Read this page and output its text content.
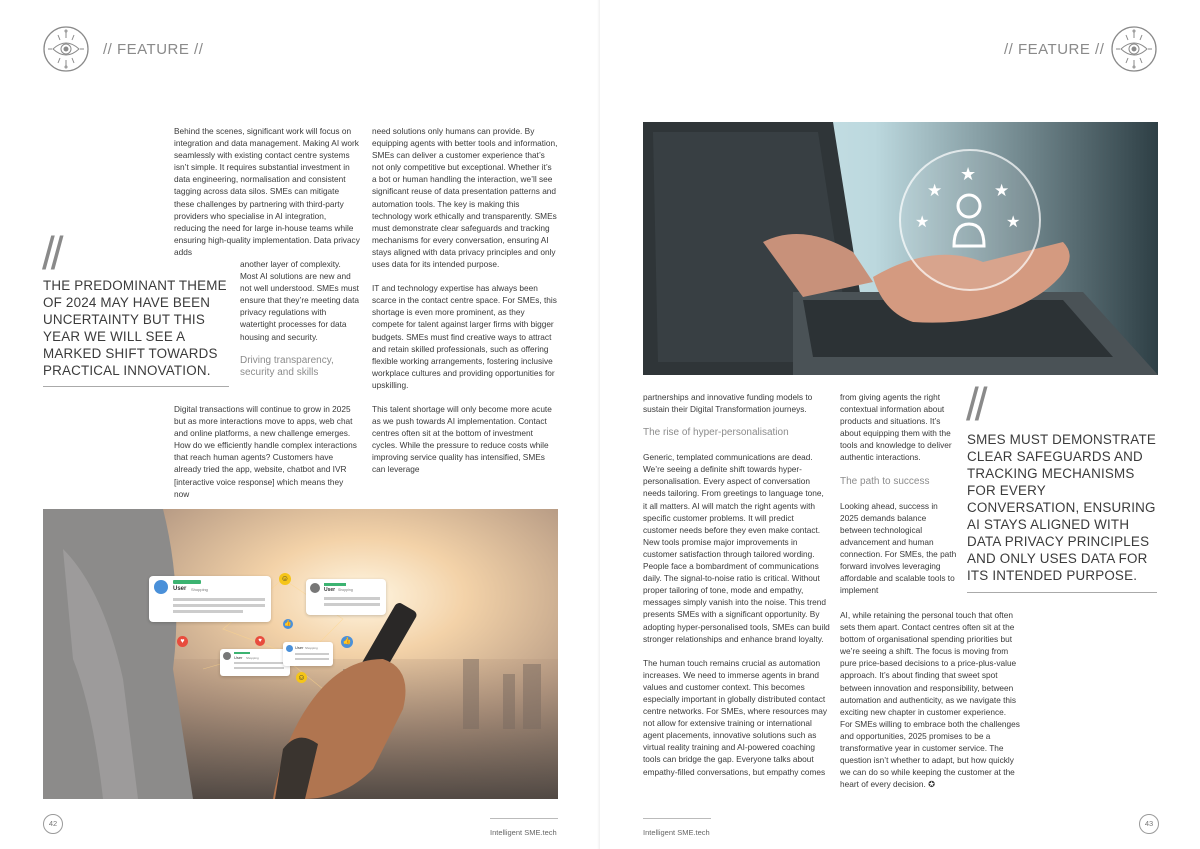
// FEATURE //

Behind the scenes, significant work will focus on integration and data management. Making AI work seamlessly with existing contact centre systems isn’t simple. It requires substantial investment in data engineering, normalisation and consistent tagging across data silos. SMEs can mitigate these challenges by partnering with third-party providers who specialise in AI integration, reducing the need for large in-house teams while ensuring high-quality implementation. Data privacy adds

another layer of complexity. Most AI solutions are new and not well understood. SMEs must ensure that they’re meeting data privacy regulations with watertight processes for data housing and security.

Driving transparency, security and skills

Digital transactions will continue to grow in 2025 but as more interactions move to apps, web chat and online platforms, a new challenge emerges. How do we efficiently handle complex interactions that reach human agents? Customers have already tried the app, website, chatbot and IVR [interactive voice response] which means they now

need solutions only humans can provide. By equipping agents with better tools and information, SMEs can deliver a customer experience that’s not only competitive but exceptional. Whether it’s a bot or human handling the interaction, we’ll see significant reuse of data presentation patterns and automation tools. The key is making this technology work ethically and transparently. SMEs must demonstrate clear safeguards and tracking mechanisms for every conversation, ensuring AI stays aligned with data privacy principles and only uses data for its intended purpose.

IT and technology expertise has always been scarce in the contact centre space. For SMEs, this shortage is even more prominent, as they compete for talent against larger firms with bigger budgets. SMEs must find creative ways to attract and retain skilled professionals, such as offering flexible working arrangements, fostering inclusive workplace cultures and providing opportunities for upskilling.

This talent shortage will only become more acute as we push towards AI implementation. Contact centres often sit at the bottom of investment cycles. While the pressure to reduce costs while improving service quality has intensified, SMEs can leverage

//
THE PREDOMINANT THEME OF 2024 MAY HAVE BEEN UNCERTAINTY BUT THIS YEAR WE WILL SEE A MARKED SHIFT TOWARDS PRACTICAL INNOVATION.
User Shopping	User Shopping
User Shopping
User Shopping
♥	♥	👍
👍
☺
☺
42
Intelligent SME.tech
// FEATURE //
★
★	★
★	★

partnerships and innovative funding models to sustain their Digital Transformation journeys.

The rise of hyper-personalisation

Generic, templated communications are dead. We’re seeing a definite shift towards hyper-personalisation. Every aspect of conversation needs tailoring. From greetings to language tone, it all matters. AI will match the right agents with specific customer problems. It will predict customer needs before they even make contact. New tools promise major improvements in customer satisfaction through tailored wording. People face a bombardment of communications daily. The signal-to-noise ratio is critical. Without proper tailoring of tone, mode and empathy, messages simply vanish into the noise. This trend presents SMEs with a significant opportunity. By adopting hyper-personalised tools, SMEs can build stronger relationships and enhance brand loyalty.

The human touch remains crucial as automation increases. We need to immerse agents in brand values and customer context. This becomes especially important in globally distributed contact centre networks. For SMEs, where resources may not allow for extensive training or international agent placements, innovative solutions such as virtual reality training and AI-powered coaching tools can bridge the gap. Everyone talks about empathy-filled conversations, but empathy comes

from giving agents the right contextual information about products and situations. It’s about equipping them with the tools and knowledge to deliver authentic interactions.

The path to success

Looking ahead, success in 2025 demands balance between technological advancement and human connection. For SMEs, the path forward involves leveraging affordable and scalable tools to implement

AI, while retaining the personal touch that often sets them apart. Contact centres often sit at the bottom of organisational spending priorities but we’re seeing a shift. The focus is moving from pure price-based decisions to a price-plus-value approach. It’s about finding that sweet spot between innovation and responsibility, between automation and authenticity, as we navigate this exciting new chapter in customer experience. For SMEs willing to embrace both the challenges and opportunities, 2025 promises to be a transformative year in customer service. The question isn’t whether to adapt, but how quickly we can do so while keeping the customer at the heart of every decision. ✪

//
SMES MUST DEMONSTRATE CLEAR SAFEGUARDS AND TRACKING MECHANISMS FOR EVERY CONVERSATION, ENSURING AI STAYS ALIGNED WITH DATA PRIVACY PRINCIPLES AND ONLY USES DATA FOR ITS INTENDED PURPOSE.
Intelligent SME.tech
43
